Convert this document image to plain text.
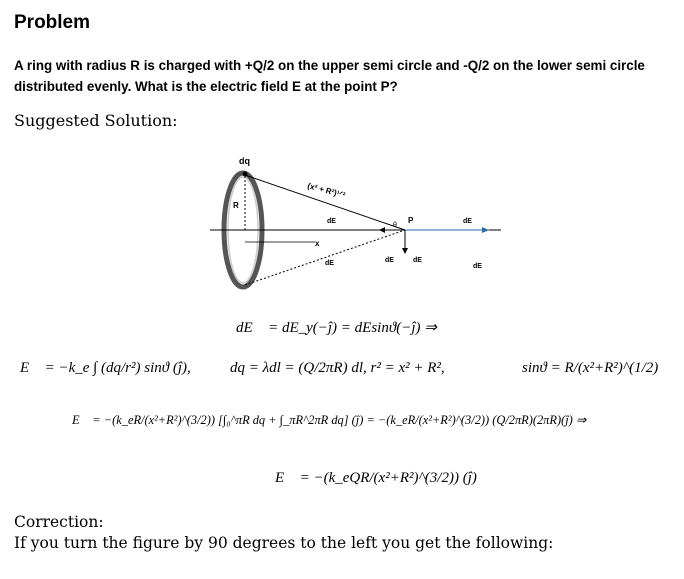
Problem
A ring with radius R is charged with +Q/2 on the upper semi circle and -Q/2 on the lower semi circle distributed evenly. What is the electric field E at the point P?
Suggested Solution:
dq
R
(x² + R²)¹ᐟ²
dE	dE
θ
P
x
dE	dE	dE
dE
dE⃗ = dE_y(−ĵ) = dEsinϑ(−ĵ) ⇒
E⃗ = −k_e ∫ (dq/r²) sinϑ (ĵ),	dq = λdl = (Q/2πR) dl, r² = x² + R²,	sinϑ = R/(x²+R²)^(1/2)
E⃗ = −(k_eR/(x²+R²)^(3/2)) [∫₀^πR dq + ∫_πR^2πR dq] (ĵ) = −(k_eR/(x²+R²)^(3/2)) (Q/2πR)(2πR)(ĵ) ⇒
E⃗ = −(k_eQR/(x²+R²)^(3/2)) (ĵ)
Correction:
If you turn the figure by 90 degrees to the left you get the following:
